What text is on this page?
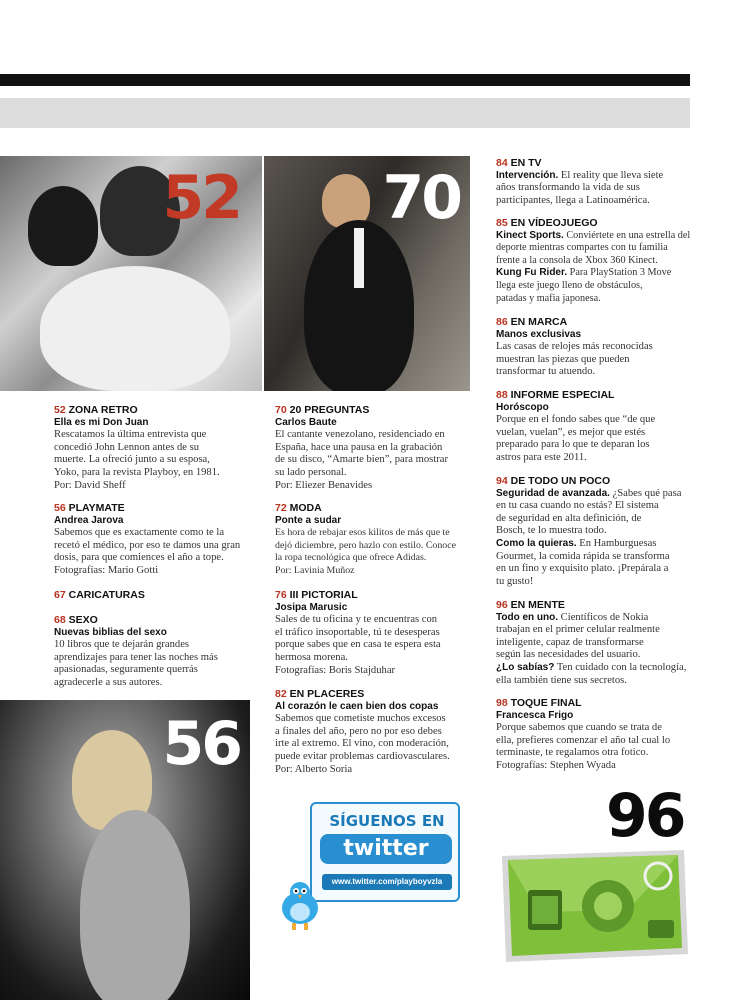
52 70
56
52 ZONA RETRO
Ella es mi Don Juan
Rescatamos la última entrevista que
concedió John Lennon antes de su
muerte. La ofreció junto a su esposa,
Yoko, para la revista Playboy, en 1981.
Por: David Sheff
56 PLAYMATE
Andrea Jarova
Sabemos que es exactamente como te la
recetó el médico, por eso te damos una gran
dosis, para que comiences el año a tope.
Fotografías: Mario Gotti
67 CARICATURAS
68 SEXO
Nuevas biblias del sexo
10 libros que te dejarán grandes
aprendizajes para tener las noches más
apasionadas, seguramente querrás
agradecerle a sus autores.
70 20 PREGUNTAS
Carlos Baute
El cantante venezolano, residenciado en
España, hace una pausa en la grabación
de su disco, “Amarte bien”, para mostrar
su lado personal.
Por: Eliezer Benavides
72 MODA
Ponte a sudar
Es hora de rebajar esos kilitos de más que te
dejó diciembre, pero hazlo con estilo. Conoce
la ropa tecnológica que ofrece Adidas.
Por: Lavinia Muñoz
76 III PICTORIAL
Josipa Marusic
Sales de tu oficina y te encuentras con
el tráfico insoportable, tú te desesperas
porque sabes que en casa te espera esta
hermosa morena.
Fotografías: Boris Stajduhar
82 EN PLACERES
Al corazón le caen bien dos copas
Sabemos que cometiste muchos excesos
a finales del año, pero no por eso debes
irte al extremo. El vino, con moderación,
puede evitar problemas cardiovasculares.
Por: Alberto Soria
SÍGUENOS EN
twitter
www.twitter.com/playboyvzla
84 EN TV
Intervención. El reality que lleva siete
años transformando la vida de sus
participantes, llega a Latinoamérica.
85 EN VÍDEOJUEGO
Kinect Sports. Conviértete en una estrella del
deporte mientras compartes con tu familia
frente a la consola de Xbox 360 Kinect.
Kung Fu Rider. Para PlayStation 3 Move
llega este juego lleno de obstáculos,
patadas y mafia japonesa.
86 EN MARCA
Manos exclusivas
Las casas de relojes más reconocidas
muestran las piezas que pueden
transformar tu atuendo.
88 INFORME ESPECIAL
Horóscopo
Porque en el fondo sabes que “de que
vuelan, vuelan”, es mejor que estés
preparado para lo que te deparan los
astros para este 2011.
94 DE TODO UN POCO
Seguridad de avanzada. ¿Sabes qué pasa
en tu casa cuando no estás? El sistema
de seguridad en alta definición, de
Bosch, te lo muestra todo.
Como la quieras. En Hamburguesas
Gourmet, la comida rápida se transforma
en un fino y exquisito plato. ¡Prepárala a
tu gusto!
96 EN MENTE
Todo en uno. Científicos de Nokia
trabajan en el primer celular realmente
inteligente, capaz de transformarse
según las necesidades del usuario.
¿Lo sabías? Ten cuidado con la tecnología,
ella también tiene sus secretos.
98 TOQUE FINAL
Francesca Frigo
Porque sabemos que cuando se trata de
ella, prefieres comenzar el año tal cual lo
terminaste, te regalamos otra fotico.
Fotografías: Stephen Wyada
96
